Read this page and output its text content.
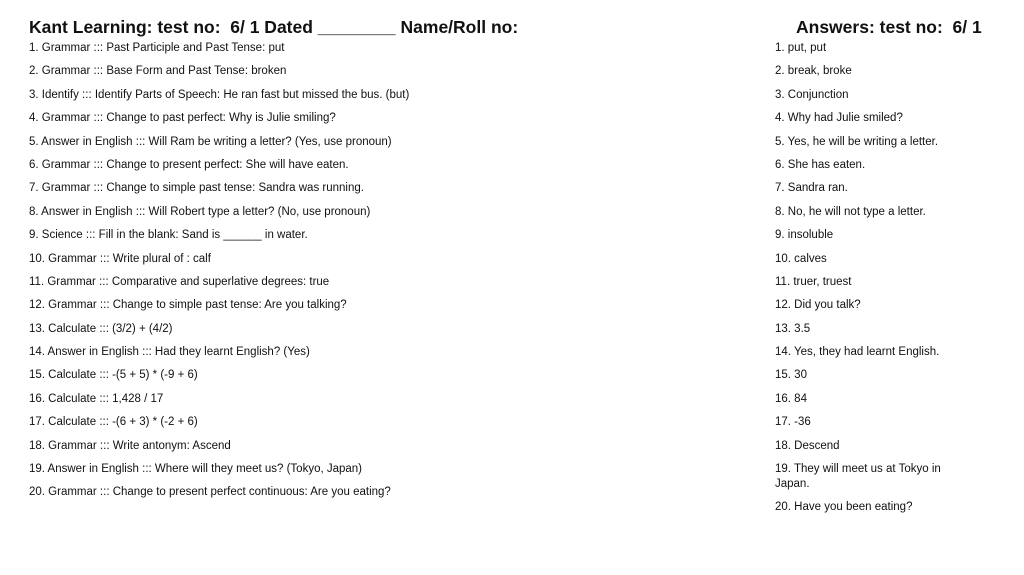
Kant Learning: test no:  6/ 1 Dated ________ Name/Roll no:
1. Grammar ::: Past Participle and Past Tense: put
2. Grammar ::: Base Form and Past Tense: broken
3. Identify ::: Identify Parts of Speech: He ran fast but missed the bus. (but)
4. Grammar ::: Change to past perfect: Why is Julie smiling?
5. Answer in English ::: Will Ram be writing a letter? (Yes, use pronoun)
6. Grammar ::: Change to present perfect: She will have eaten.
7. Grammar ::: Change to simple past tense: Sandra was running.
8. Answer in English ::: Will Robert type a letter? (No, use pronoun)
9. Science ::: Fill in the blank: Sand is ______ in water.
10. Grammar ::: Write plural of : calf
11. Grammar ::: Comparative and superlative degrees: true
12. Grammar ::: Change to simple past tense: Are you talking?
13. Calculate ::: (3/2) + (4/2)
14. Answer in English ::: Had they learnt English? (Yes)
15. Calculate ::: -(5 + 5) * (-9 + 6)
16. Calculate ::: 1,428 / 17
17. Calculate ::: -(6 + 3) * (-2 + 6)
18. Grammar ::: Write antonym: Ascend
19. Answer in English ::: Where will they meet us? (Tokyo, Japan)
20. Grammar ::: Change to present perfect continuous: Are you eating?
Answers: test no:  6/ 1
1. put, put
2. break, broke
3. Conjunction
4. Why had Julie smiled?
5. Yes, he will be writing a letter.
6. She has eaten.
7. Sandra ran.
8. No, he will not type a letter.
9. insoluble
10. calves
11. truer, truest
12. Did you talk?
13. 3.5
14. Yes, they had learnt English.
15. 30
16. 84
17. -36
18. Descend
19. They will meet us at Tokyo in Japan.
20. Have you been eating?
